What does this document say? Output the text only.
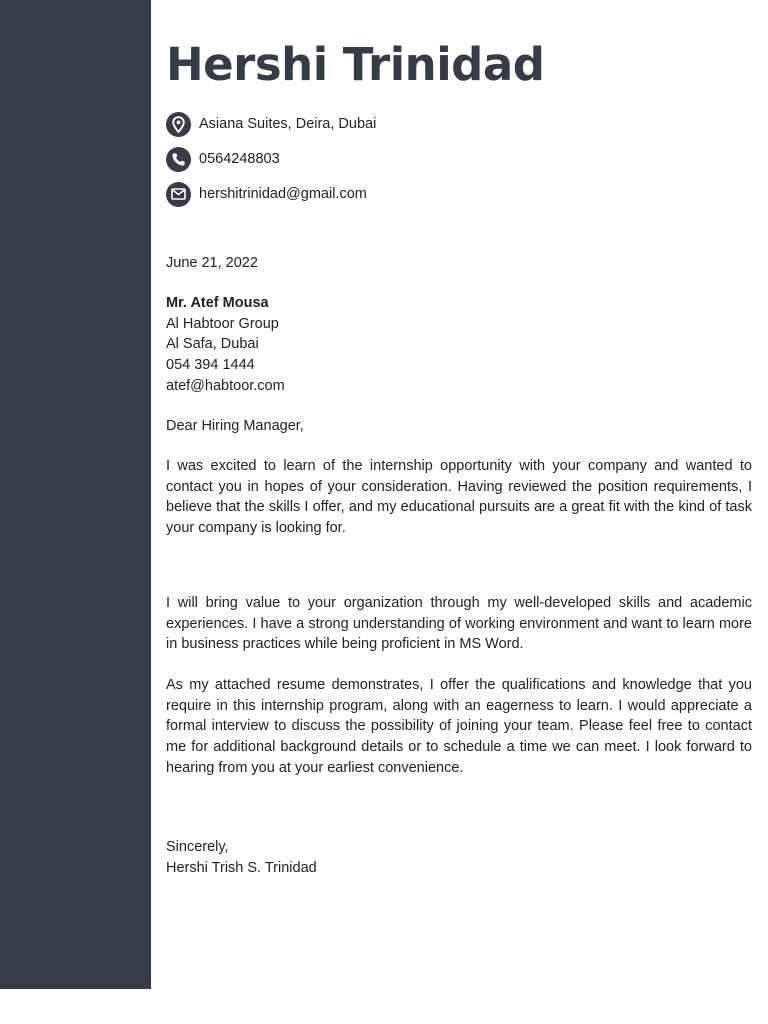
Hershi Trinidad
Asiana Suites, Deira, Dubai
0564248803
hershitrinidad@gmail.com
June 21, 2022
Mr. Atef Mousa
Al Habtoor Group
Al Safa, Dubai
054 394 1444
atef@habtoor.com
Dear Hiring Manager,

I was excited to learn of the internship opportunity with your company and wanted to contact you in hopes of your consideration. Having reviewed the position requirements, I believe that the skills I offer, and my educational pursuits are a great fit with the kind of task your company is looking for.

I will bring value to your organization through my well-developed skills and academic experiences. I have a strong understanding of working environment and want to learn more in business practices while being proficient in MS Word.

As my attached resume demonstrates, I offer the qualifications and knowledge that you require in this internship program, along with an eagerness to learn. I would appreciate a formal interview to discuss the possibility of joining your team. Please feel free to contact me for additional background details or to schedule a time we can meet. I look forward to hearing from you at your earliest convenience.

Sincerely,
Hershi Trish S. Trinidad
